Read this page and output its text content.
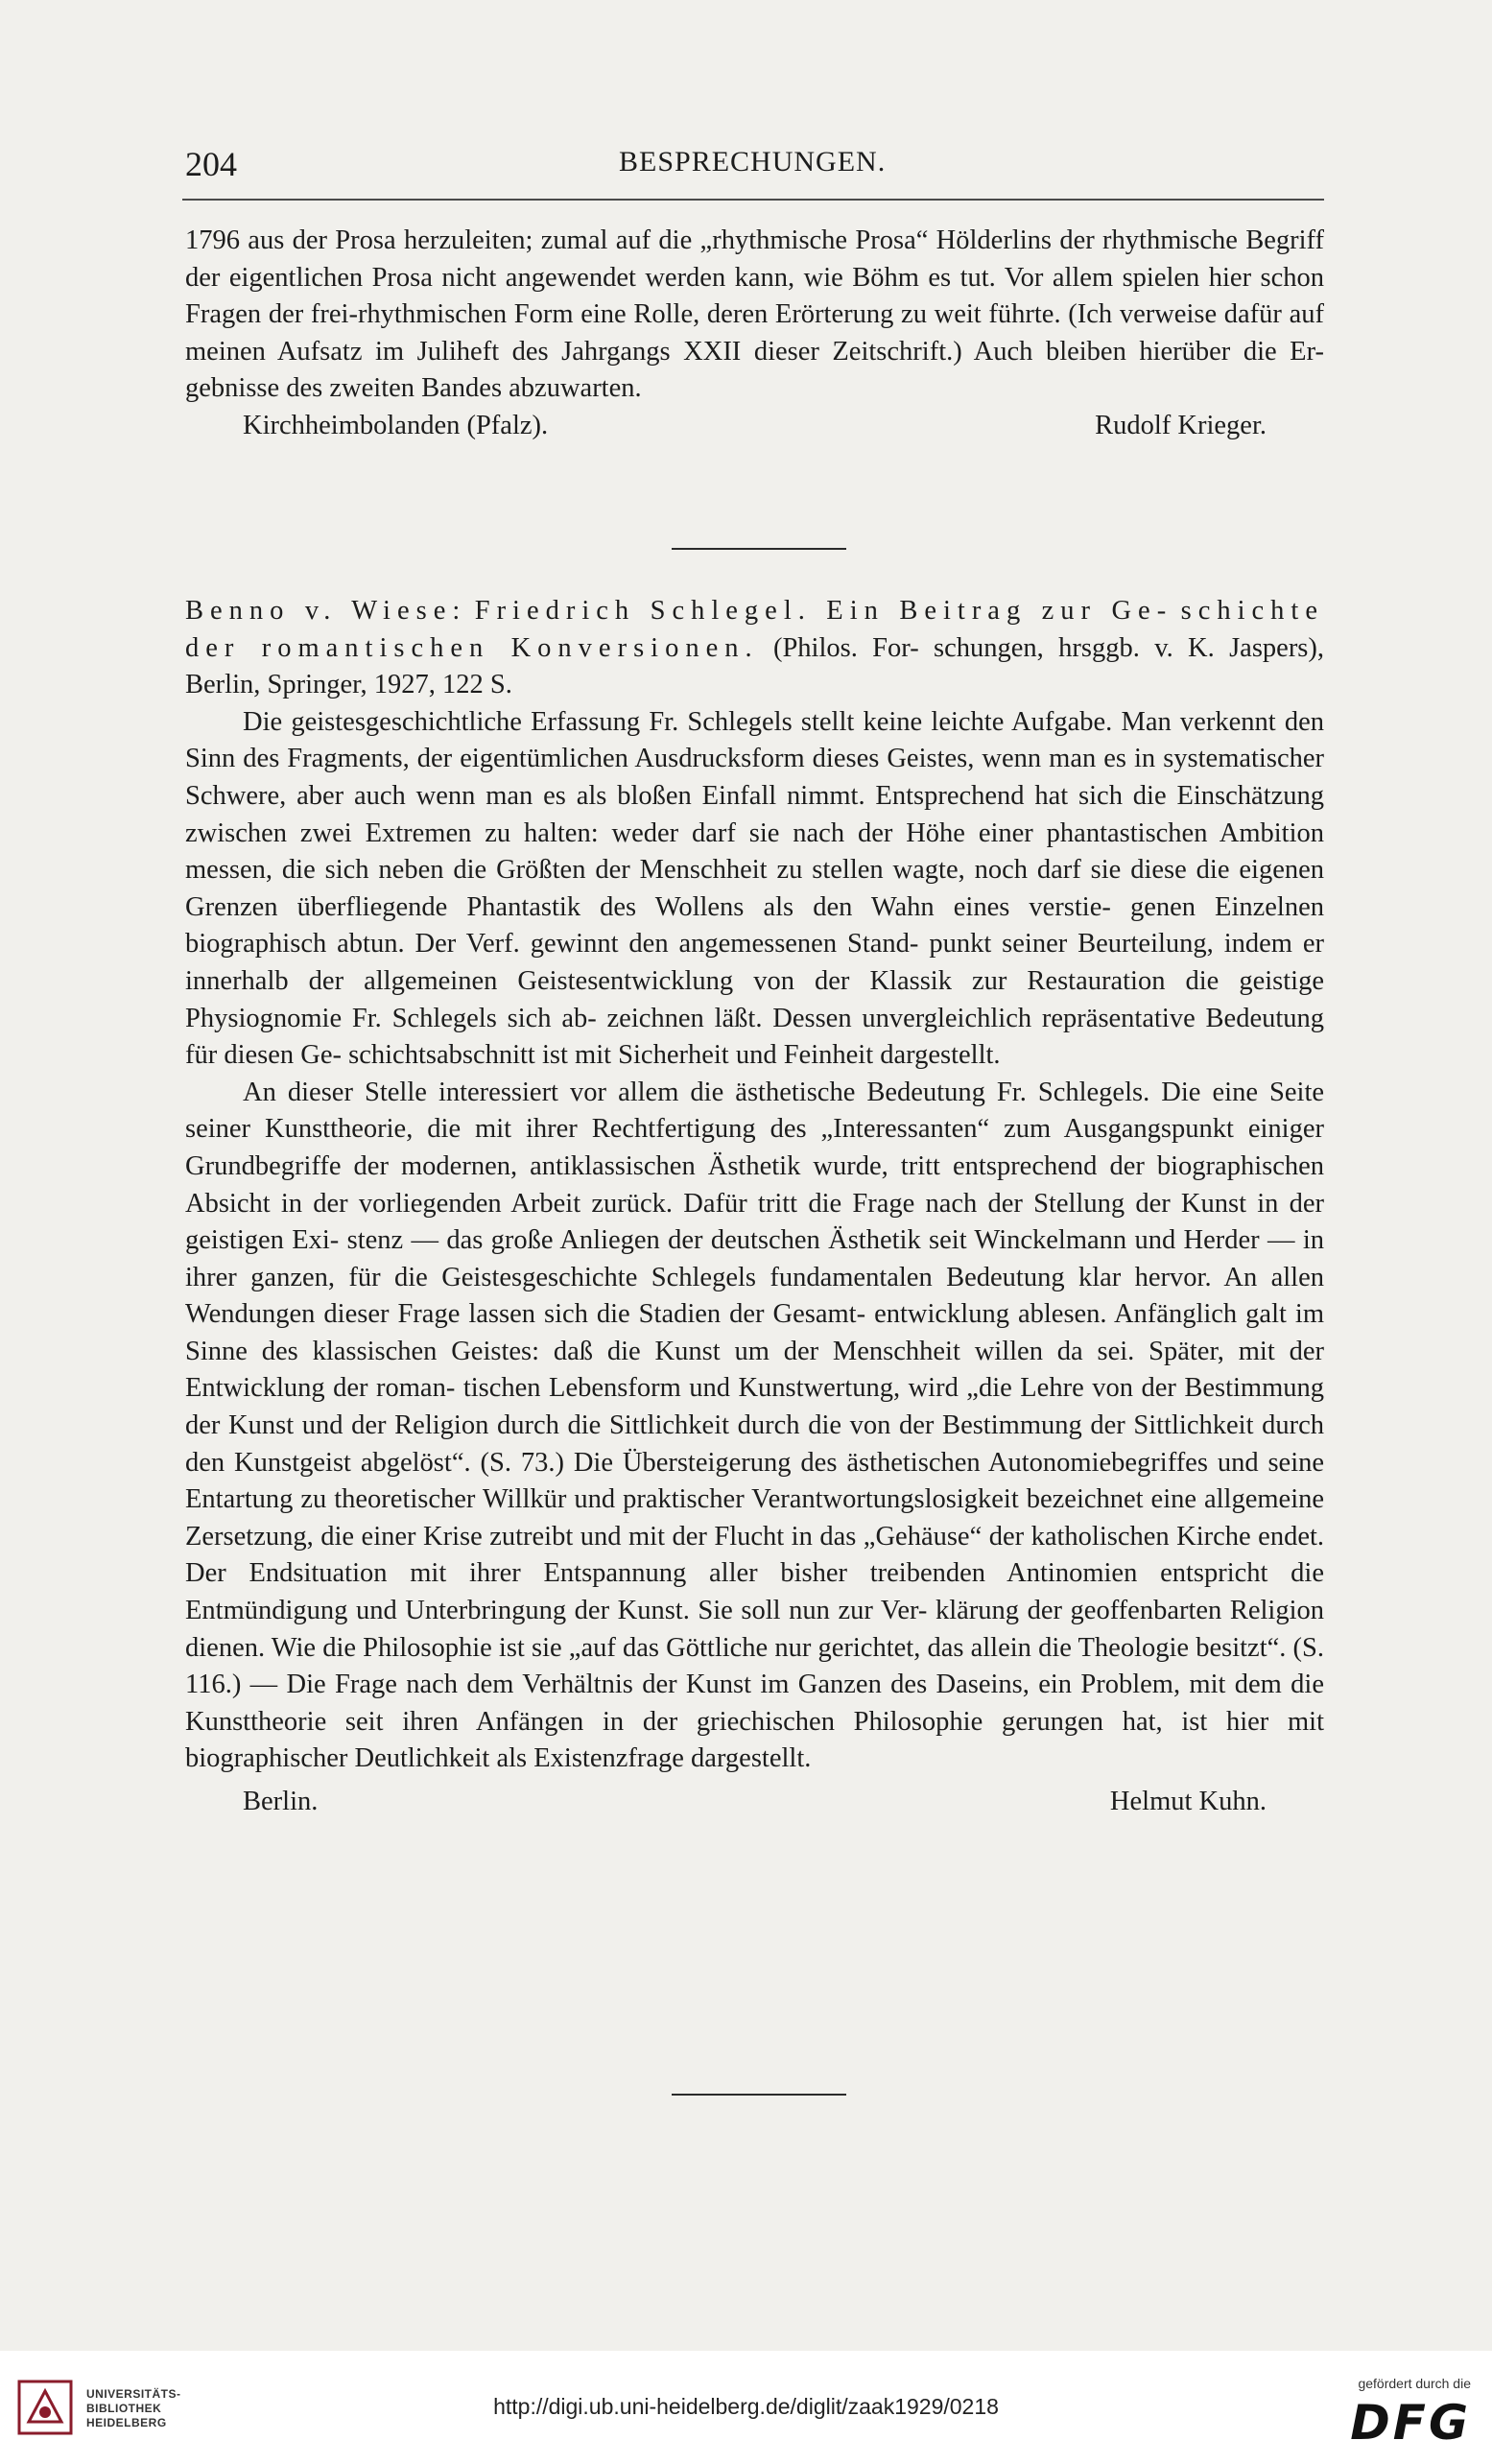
204	BESPRECHUNGEN.

1796 aus der Prosa herzuleiten; zumal auf die „rhythmische Prosa“ Hölderlins der rhythmische Begriff der eigentlichen Prosa nicht angewendet werden kann, wie Böhm es tut. Vor allem spielen hier schon Fragen der frei-rhythmischen Form eine Rolle, deren Erörterung zu weit führte. (Ich verweise dafür auf meinen Aufsatz im Juliheft des Jahrgangs XXII dieser Zeitschrift.) Auch bleiben hierüber die Er- gebnisse des zweiten Bandes abzuwarten.

Kirchheimbolanden (Pfalz).	Rudolf Krieger.

Benno v. Wiese: Friedrich Schlegel. Ein Beitrag zur Ge- schichte der romantischen Konversionen. (Philos. For- schungen, hrsggb. v. K. Jaspers), Berlin, Springer, 1927, 122 S.

Die geistesgeschichtliche Erfassung Fr. Schlegels stellt keine leichte Aufgabe. Man verkennt den Sinn des Fragments, der eigentümlichen Ausdrucksform dieses Geistes, wenn man es in systematischer Schwere, aber auch wenn man es als bloßen Einfall nimmt. Entsprechend hat sich die Einschätzung zwischen zwei Extremen zu halten: weder darf sie nach der Höhe einer phantastischen Ambition messen, die sich neben die Größten der Menschheit zu stellen wagte, noch darf sie diese die eigenen Grenzen überfliegende Phantastik des Wollens als den Wahn eines verstie- genen Einzelnen biographisch abtun. Der Verf. gewinnt den angemessenen Stand- punkt seiner Beurteilung, indem er innerhalb der allgemeinen Geistesentwicklung von der Klassik zur Restauration die geistige Physiognomie Fr. Schlegels sich ab- zeichnen läßt. Dessen unvergleichlich repräsentative Bedeutung für diesen Ge- schichtsabschnitt ist mit Sicherheit und Feinheit dargestellt.

An dieser Stelle interessiert vor allem die ästhetische Bedeutung Fr. Schlegels. Die eine Seite seiner Kunsttheorie, die mit ihrer Rechtfertigung des „Interessanten“ zum Ausgangspunkt einiger Grundbegriffe der modernen, antiklassischen Ästhetik wurde, tritt entsprechend der biographischen Absicht in der vorliegenden Arbeit zurück. Dafür tritt die Frage nach der Stellung der Kunst in der geistigen Exi- stenz — das große Anliegen der deutschen Ästhetik seit Winckelmann und Herder — in ihrer ganzen, für die Geistesgeschichte Schlegels fundamentalen Bedeutung klar hervor. An allen Wendungen dieser Frage lassen sich die Stadien der Gesamt- entwicklung ablesen. Anfänglich galt im Sinne des klassischen Geistes: daß die Kunst um der Menschheit willen da sei. Später, mit der Entwicklung der roman- tischen Lebensform und Kunstwertung, wird „die Lehre von der Bestimmung der Kunst und der Religion durch die Sittlichkeit durch die von der Bestimmung der Sittlichkeit durch den Kunstgeist abgelöst“. (S. 73.) Die Übersteigerung des ästhetischen Autonomiebegriffes und seine Entartung zu theoretischer Willkür und praktischer Verantwortungslosigkeit bezeichnet eine allgemeine Zersetzung, die einer Krise zutreibt und mit der Flucht in das „Gehäuse“ der katholischen Kirche endet. Der Endsituation mit ihrer Entspannung aller bisher treibenden Antinomien entspricht die Entmündigung und Unterbringung der Kunst. Sie soll nun zur Ver- klärung der geoffenbarten Religion dienen. Wie die Philosophie ist sie „auf das Göttliche nur gerichtet, das allein die Theologie besitzt“. (S. 116.) — Die Frage nach dem Verhältnis der Kunst im Ganzen des Daseins, ein Problem, mit dem die Kunsttheorie seit ihren Anfängen in der griechischen Philosophie gerungen hat, ist hier mit biographischer Deutlichkeit als Existenzfrage dargestellt.

Berlin.	Helmut Kuhn.
UNIVERSITÄTS-
BIBLIOTHEK
HEIDELBERG
http://digi.ub.uni-heidelberg.de/diglit/zaak1929/0218
gefördert durch die
DFG
